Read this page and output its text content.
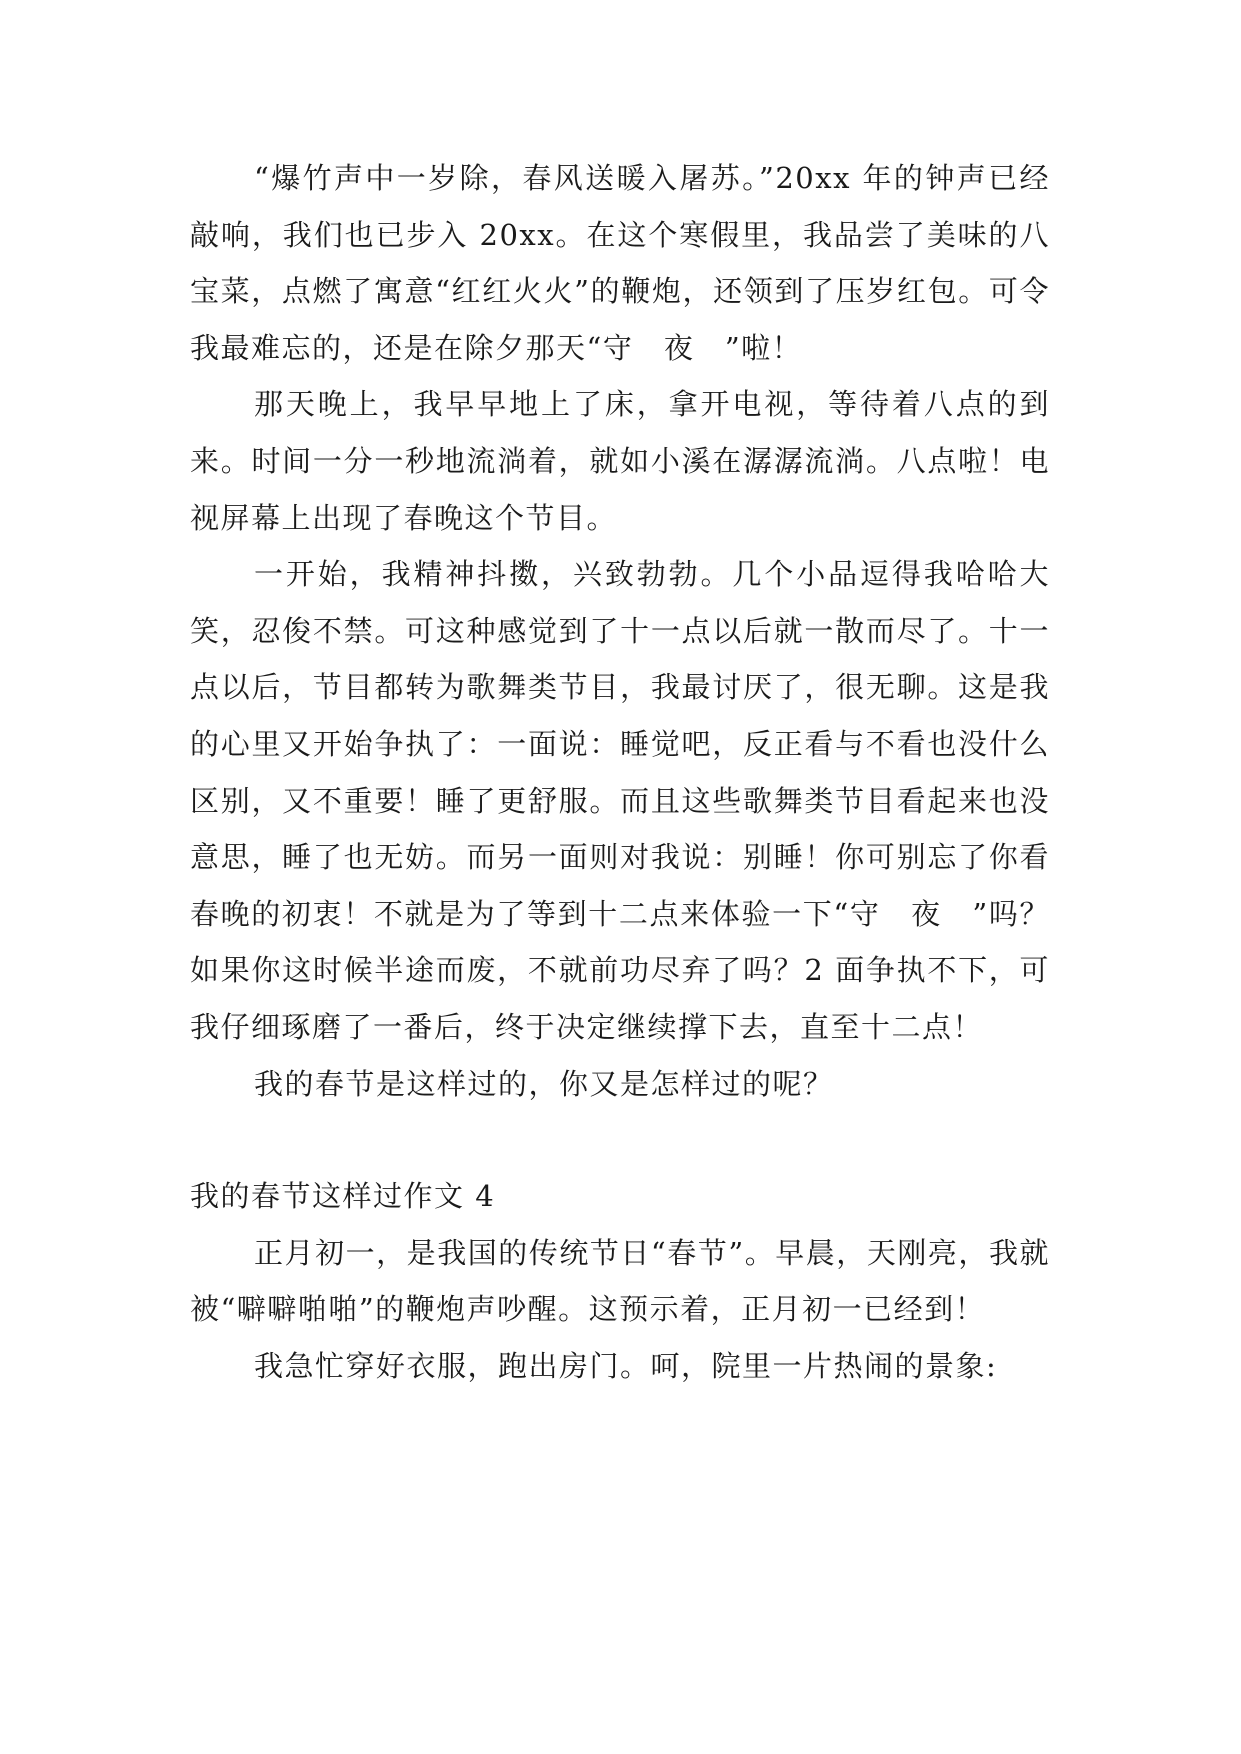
“爆竹声中一岁除，春风送暖入屠苏。”20xx 年的钟声已经敲响，我们也已步入 20xx。在这个寒假里，我品尝了美味的八宝菜，点燃了寓意“红红火火”的鞭炮，还领到了压岁红包。可令我最难忘的，还是在除夕那天“守　夜　”啦！

那天晚上，我早早地上了床，拿开电视，等待着八点的到来。时间一分一秒地流淌着，就如小溪在潺潺流淌。八点啦！电视屏幕上出现了春晚这个节目。

一开始，我精神抖擞，兴致勃勃。几个小品逗得我哈哈大笑，忍俊不禁。可这种感觉到了十一点以后就一散而尽了。十一点以后，节目都转为歌舞类节目，我最讨厌了，很无聊。这是我的心里又开始争执了：一面说：睡觉吧，反正看与不看也没什么区别，又不重要！睡了更舒服。而且这些歌舞类节目看起来也没意思，睡了也无妨。而另一面则对我说：别睡！你可别忘了你看春晚的初衷！不就是为了等到十二点来体验一下“守　夜　”吗？如果你这时候半途而废，不就前功尽弃了吗？2 面争执不下，可我仔细琢磨了一番后，终于决定继续撑下去，直至十二点！

我的春节是这样过的，你又是怎样过的呢？

我的春节这样过作文 4

正月初一，是我国的传统节日“春节”。早晨，天刚亮，我就被“噼噼啪啪”的鞭炮声吵醒。这预示着，正月初一已经到！

我急忙穿好衣服，跑出房门。呵，院里一片热闹的景象:
